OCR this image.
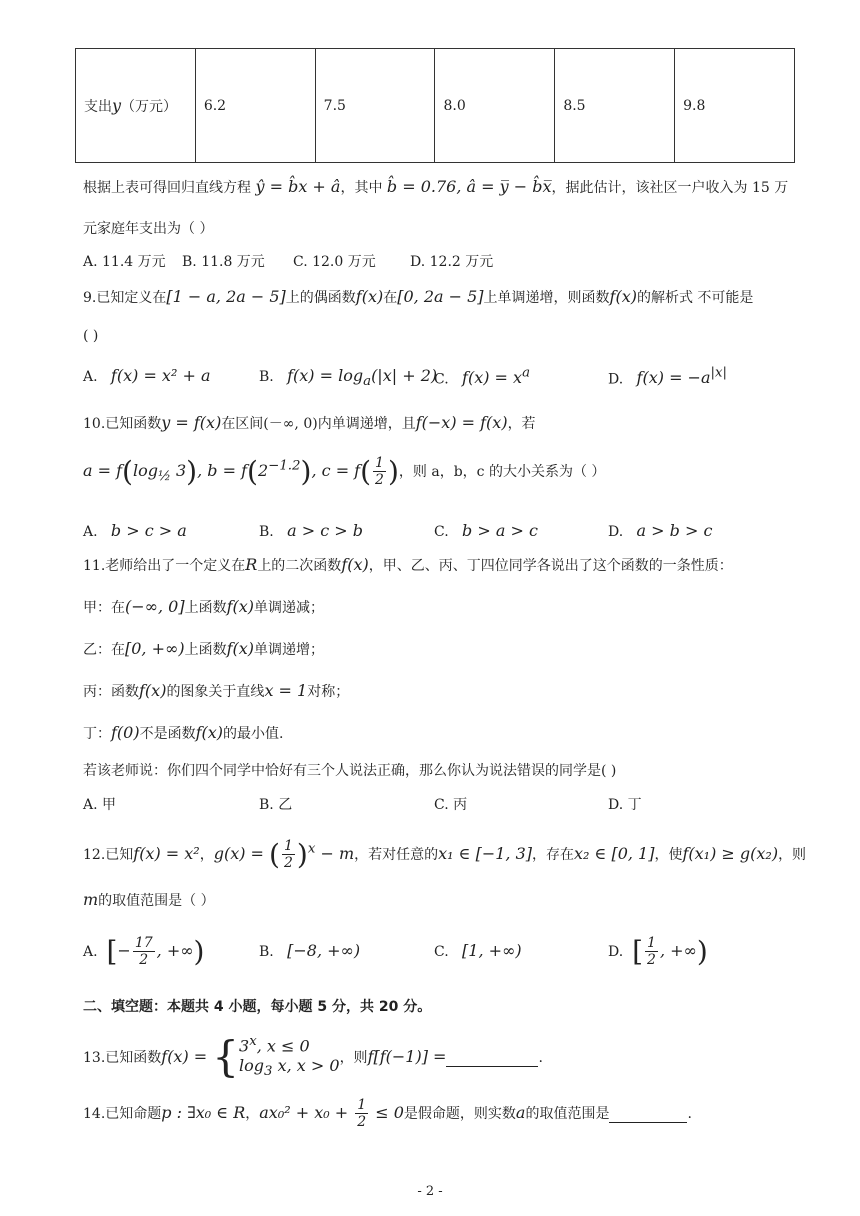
支出y（万元）	6.2	7.5	8.0	8.5	9.8
根据上表可得回归直线方程 ŷ = b̂x + â，其中 b̂ = 0.76, â = y̅ − b̂x̅，据此估计，该社区一户收入为 15 万
元家庭年支出为（ ）
A. 11.4 万元 B. 11.8 万元 C. 12.0 万元 D. 12.2 万元
9.已知定义在[1 − a, 2a − 5]上的偶函数f(x)在[0, 2a − 5]上单调递增，则函数f(x)的解析式 不可能是
( )
A. f(x) = x² + a	B. $f(x) = \log_a(|x| + 2)$
C. $f(x) = x^a$	D. $f(x) = -a^{|x|}$
10.已知函数y = f(x)在区间(－∞, 0)内单调递增，且f(−x) = f(x)，若
$a = f(\log_{\frac{1}{2}}$ 3), $b = f(2^{-1.2})$, $c = f( \frac{1}{2}$ )，则 a，b，c 的大小关系为（ ）
A. b > c > a	B. a > c > b	C. b > a > c	D. a > b > c
11.老师给出了一个定义在R上的二次函数f(x)，甲、乙、丙、丁四位同学各说出了这个函数的一条性质：
甲：在(−∞, 0]上函数f(x)单调递减；
乙：在[0, +∞)上函数f(x)单调递增；
丙：函数f(x)的图象关于直线x = 1对称；
丁：f(0)不是函数f(x)的最小值.
若该老师说：你们四个同学中恰好有三个人说法正确，那么你认为说法错误的同学是( )
A. 甲	B. 乙	C. 丙	D. 丁
12.已知f(x) = x²，g(x) = ( $\frac{1}{2} )^x - m$，若对任意的x₁ ∈ [−1, 3]，存在x₂ ∈ [0, 1]，使f(x₁) ≥ g(x₂)，则
m的取值范围是（ ）
A. [− $\frac{17}{2}$ , +∞)	B. [−8, +∞)	C. [1, +∞)	D. [ $\frac{1}{2}$ , +∞)
二、填空题：本题共 4 小题，每小题 5 分，共 20 分。
13.已知函数f(x) = { 3$^x$, x ≤ 0
$\log_3 x$, x > 0 ，则f[f(−1)] =	.
14.已知命题p : ∃x₀ ∈ R，$ax_0^2 + x_0 + \frac{1}{2} \le 0$是假命题，则实数a的取值范围是	.
- 2 -
